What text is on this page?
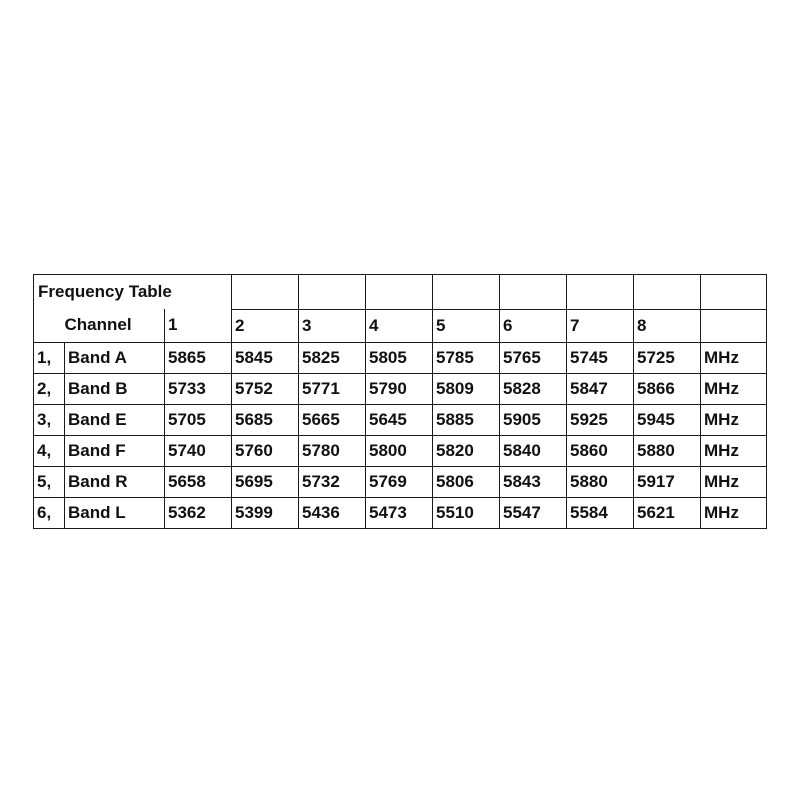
Frequency Table										
	Channel	1	2	3	4	5	6	7	8	
1,	Band A	5865	5845	5825	5805	5785	5765	5745	5725	MHz
2,	Band B	5733	5752	5771	5790	5809	5828	5847	5866	MHz
3,	Band E	5705	5685	5665	5645	5885	5905	5925	5945	MHz
4,	Band F	5740	5760	5780	5800	5820	5840	5860	5880	MHz
5,	Band R	5658	5695	5732	5769	5806	5843	5880	5917	MHz
6,	Band L	5362	5399	5436	5473	5510	5547	5584	5621	MHz
